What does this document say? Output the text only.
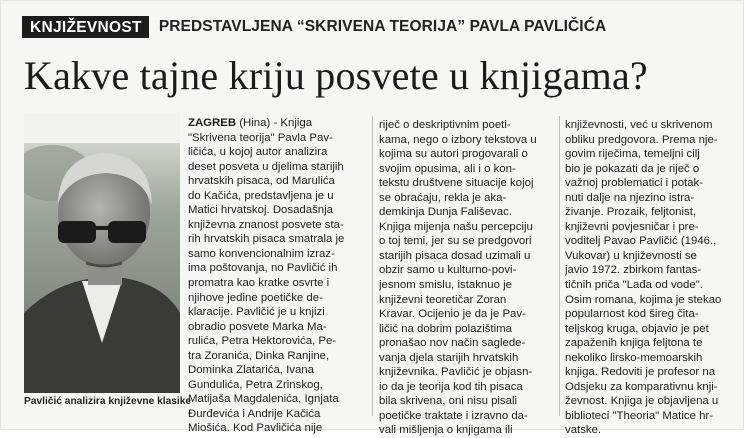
KNJIŽEVNOST	PREDSTAVLJENA “SKRIVENA TEORIJA” PAVLA PAVLIČIĆA
Kakve tajne kriju posvete u knjigama?
Pavličić analizira književne klasike
ZAGREB (Hina) - Knjiga
"Skrivena teorija" Pavla Pav-
ličića, u kojoj autor analizira
deset posveta u djelima starijih
hrvatskih pisaca, od Marulića
do Kačića, predstavljena je u
Matici hrvatskoj. Dosadašnja
književna znanost posvete sta-
rih hrvatskih pisaca smatrala je
samo konvencionalnim izraz-
ima poštovanja, no Pavličić ih
promatra kao kratke osvrte i
njihove jedine poetičke de-
klaracije. Pavličić je u knjizi
obradio posvete Marka Ma-
rulića, Petra Hektorovića, Pe-
tra Zoranića, Dinka Ranjine,
Dominka Zlatarića, Ivana
Gundulića, Petra Zrinskog,
Matijaša Magdalenića, Ignjata
Đurđevića i Andrije Kačića
Miošića. Kod Pavličića nije
riječ o deskriptivnim poeti-
kama, nego o izborу tekstova u
kojima su autori progovarali o
svojim opusima, ali i o kon-
tekstu društvene situacije kojoj
se obraćaju, rekla je aka-
demkinja Dunja Fališevac.
Knjiga mijenja našu percepciju
o toj temi, jer su se predgovori
starijih pisaca dosad uzimali u
obzir samo u kulturno-povi-
jesnom smislu, istaknuo je
književni teoretičar Zoran
Kravar. Ocijenio je da je Pav-
ličić na dobrim polazištima
pronašao nov način saglede-
vanja djela starijih hrvatskih
književnika. Pavličić je objasn-
io da je teorija kod tih pisaca
bila skrivena, oni nisu pisali
poetičke traktate i izravno da-
vali mišljenja o knjigama ili
književnosti, već u skrivenom
obliku predgovora. Prema nje-
govim riječima, temeljni cilj
bio je pokazati da je riječ o
važnoj problematici i potak-
nuti dalje na njezino istra-
živanje. Prozaik, feljtonist,
književni povjesničar i pre-
voditelj Pavao Pavličić (1946.,
Vukovar) u književnosti se
javio 1972. zbirkom fantas-
tičnih priča "Lađa od vode".
Osim romana, kojima je stekao
popularnost kod šireg čita-
teljskog kruga, objavio je pet
zapaženih knjiga feljtona te
nekoliko lirsko-memoarskih
knjiga. Redoviti je profesor na
Odsjeku za komparativnu knji-
ževnost. Knjiga je objavljena u
biblioteci "Theoria" Matice hr-
vatske.
